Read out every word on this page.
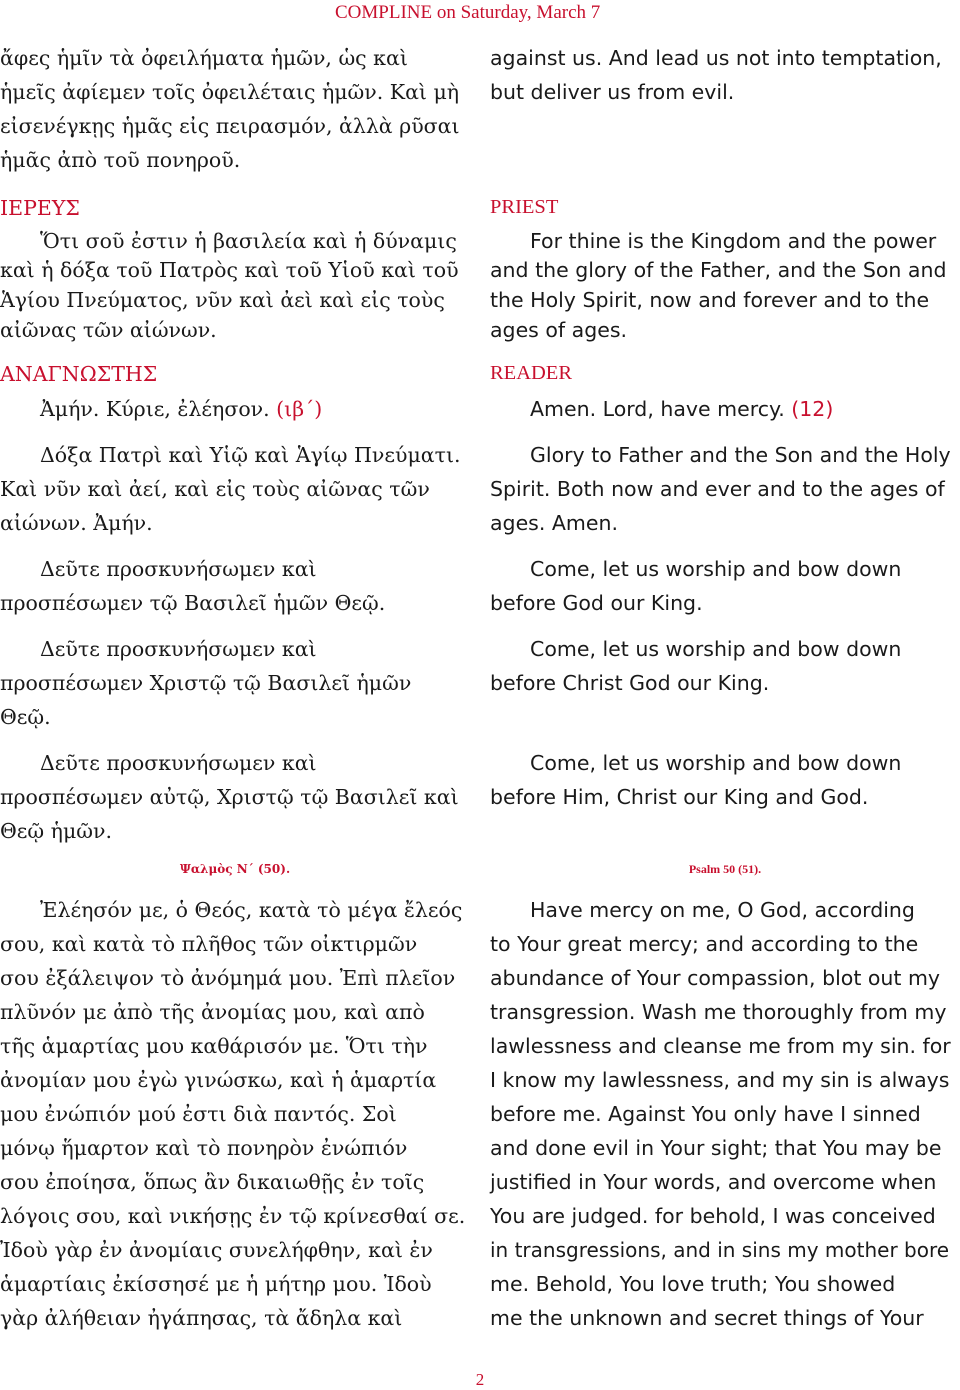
COMPLINE on Saturday, March 7
ἄφες ἡμῖν τὰ ὀφειλήματα ἡμῶν, ὡς καὶ
ἡμεῖς ἀφίεμεν τοῖς ὀφειλέταις ἡμῶν. Καὶ μὴ
εἰσενέγκῃς ἡμᾶς εἰς πειρασμόν, ἀλλὰ ρῦσαι
ἡμᾶς ἀπὸ τοῦ πονηροῦ.
ΙΕΡΕΥΣ
Ὅτι σοῦ ἐστιν ἡ βασιλεία καὶ ἡ δύναμις
καὶ ἡ δόξα τοῦ Πατρὸς καὶ τοῦ Υἱοῦ καὶ τοῦ
Ἁγίου Πνεύματος, νῦν καὶ ἀεὶ καὶ εἰς τοὺς
αἰῶνας τῶν αἰώνων.
ΑΝΑΓΝΩΣΤΗΣ
Ἀμήν. Κύριε, ἐλέησον. (ιβ΄)
Δόξα Πατρὶ καὶ Υἱῷ καὶ Ἁγίῳ Πνεύματι.
Καὶ νῦν καὶ ἀεί, καὶ εἰς τοὺς αἰῶνας τῶν
αἰώνων. Ἀμήν.
Δεῦτε προσκυνήσωμεν καὶ
προσπέσωμεν τῷ Βασιλεῖ ἡμῶν Θεῷ.
Δεῦτε προσκυνήσωμεν καὶ
προσπέσωμεν Χριστῷ τῷ Βασιλεῖ ἡμῶν
Θεῷ.
Δεῦτε προσκυνήσωμεν καὶ
προσπέσωμεν αὐτῷ, Χριστῷ τῷ Βασιλεῖ καὶ
Θεῷ ἡμῶν.
Ψαλμὸς Ν΄ (50).
Ἐλέησόν με, ὁ Θεός, κατὰ τὸ μέγα ἔλεός
σου, καὶ κατὰ τὸ πλῆθος τῶν οἰκτιρμῶν
σου ἐξάλειψον τὸ ἀνόμημά μου. Ἐπὶ πλεῖον
πλῦνόν με ἀπὸ τῆς ἀνομίας μου, καὶ απὸ
τῆς ἁμαρτίας μου καθάρισόν με. Ὅτι τὴν
ἀνομίαν μου ἐγὼ γινώσκω, καὶ ἡ ἁμαρτία
μου ἐνώπιόν μού ἐστι διὰ παντός. Σοὶ
μόνῳ ἥμαρτον καὶ τὸ πονηρὸν ἐνώπιόν
σου ἐποίησα, ὅπως ἂν δικαιωθῇς ἐν τοῖς
λόγοις σου, καὶ νικήσῃς ἐν τῷ κρίνεσθαί σε.
Ἰδοὺ γὰρ ἐν ἀνομίαις συνελήφθην, καὶ ἐν
ἁμαρτίαις ἐκίσσησέ με ἡ μήτηρ μου. Ἰδοὺ
γὰρ ἀλήθειαν ἠγάπησας, τὰ ἄδηλα καὶ
against us. And lead us not into temptation,
but deliver us from evil.
PRIEST
For thine is the Kingdom and the power
and the glory of the Father, and the Son and
the Holy Spirit, now and forever and to the
ages of ages.
READER
Amen. Lord, have mercy. (12)
Glory to Father and the Son and the Holy
Spirit. Both now and ever and to the ages of
ages. Amen.
Come, let us worship and bow down
before God our King.
Come, let us worship and bow down
before Christ God our King.
Come, let us worship and bow down
before Him, Christ our King and God.
Psalm 50 (51).
Have mercy on me, O God, according
to Your great mercy; and according to the
abundance of Your compassion, blot out my
transgression. Wash me thoroughly from my
lawlessness and cleanse me from my sin. for
I know my lawlessness, and my sin is always
before me. Against You only have I sinned
and done evil in Your sight; that You may be
justified in Your words, and overcome when
You are judged. for behold, I was conceived
in transgressions, and in sins my mother bore
me. Behold, You love truth; You showed
me the unknown and secret things of Your
2
